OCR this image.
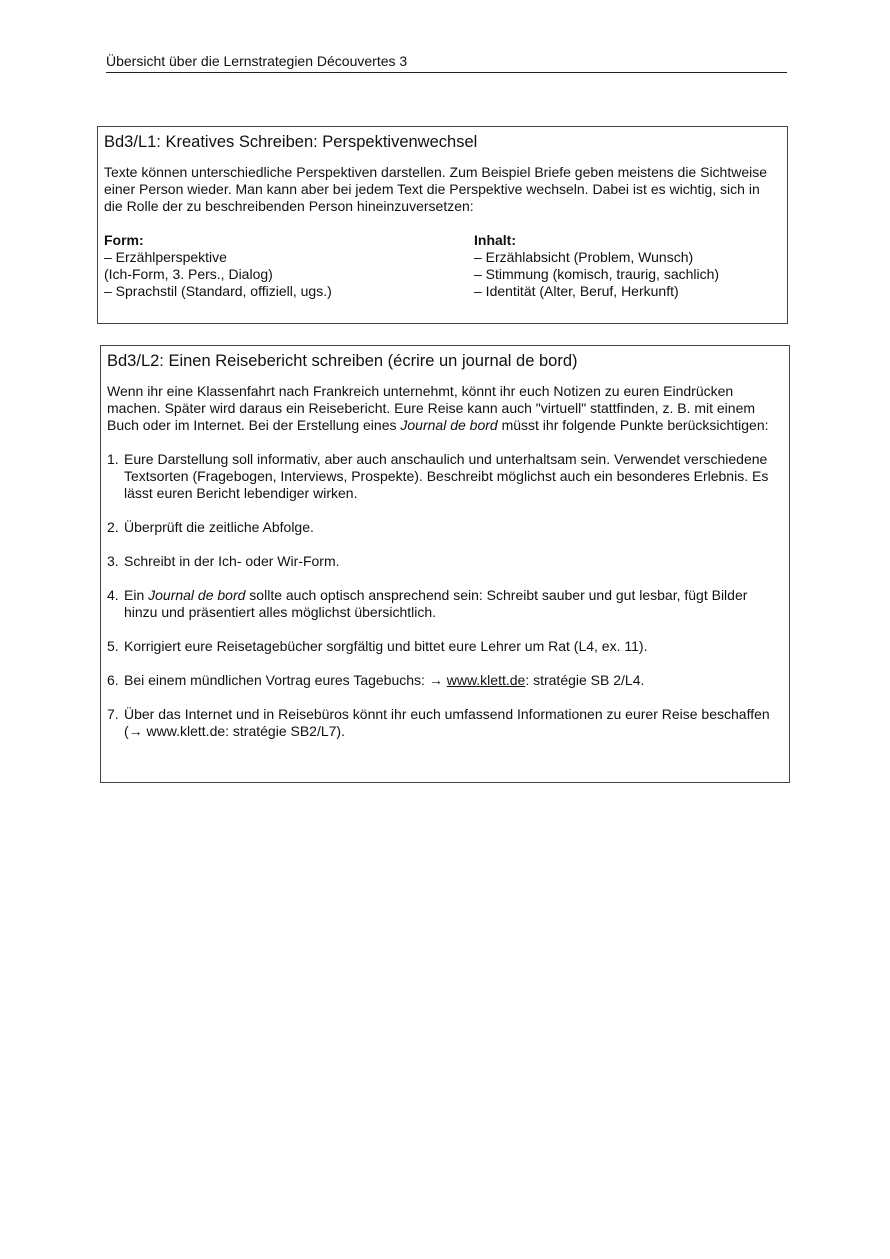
Übersicht über die Lernstrategien Découvertes 3
Bd3/L1: Kreatives Schreiben: Perspektivenwechsel

Texte können unterschiedliche Perspektiven darstellen. Zum Beispiel Briefe geben meistens die Sichtweise einer Person wieder. Man kann aber bei jedem Text die Perspektive wechseln. Dabei ist es wichtig, sich in die Rolle der zu beschreibenden Person hineinzuversetzen:

Form:
– Erzählperspektive
(Ich-Form, 3. Pers., Dialog)
– Sprachstil (Standard, offiziell, ugs.)
Inhalt:
– Erzählabsicht (Problem, Wunsch)
– Stimmung (komisch, traurig, sachlich)
– Identität (Alter, Beruf, Herkunft)
Bd3/L2: Einen Reisebericht schreiben (écrire un journal de bord)

Wenn ihr eine Klassenfahrt nach Frankreich unternehmt, könnt ihr euch Notizen zu euren Eindrücken machen. Später wird daraus ein Reisebericht. Eure Reise kann auch "virtuell" stattfinden, z. B. mit einem Buch oder im Internet. Bei der Erstellung eines Journal de bord müsst ihr folgende Punkte berücksichtigen:

1. Eure Darstellung soll informativ, aber auch anschaulich und unterhaltsam sein. Verwendet verschiedene Textsorten (Fragebogen, Interviews, Prospekte). Beschreibt möglichst auch ein besonderes Erlebnis. Es lässt euren Bericht lebendiger wirken.
2. Überprüft die zeitliche Abfolge.
3. Schreibt in der Ich- oder Wir-Form.
4. Ein Journal de bord sollte auch optisch ansprechend sein: Schreibt sauber und gut lesbar, fügt Bilder hinzu und präsentiert alles möglichst übersichtlich.
5. Korrigiert eure Reisetagebücher sorgfältig und bittet eure Lehrer um Rat (L4, ex. 11).
6. Bei einem mündlichen Vortrag eures Tagebuchs: → www.klett.de: stratégie SB 2/L4.
7. Über das Internet und in Reisebüros könnt ihr euch umfassend Informationen zu eurer Reise beschaffen (→ www.klett.de: stratégie SB2/L7).
